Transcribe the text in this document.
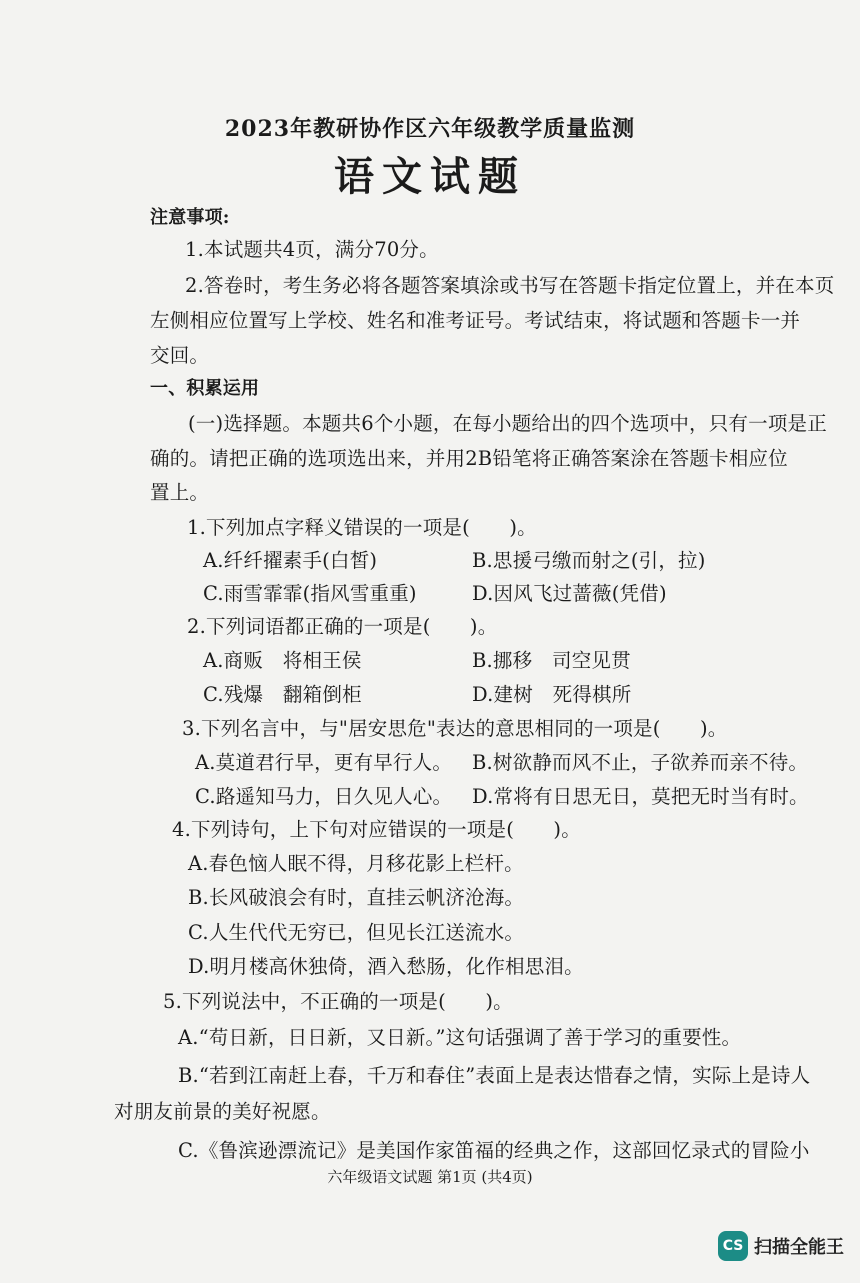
2023年教研协作区六年级教学质量监测
语文试题
注意事项:
1.本试题共4页，满分70分。
2.答卷时，考生务必将各题答案填涂或书写在答题卡指定位置上，并在本页
左侧相应位置写上学校、姓名和准考证号。考试结束，将试题和答题卡一并
交回。
一、积累运用
(一)选择题。本题共6个小题，在每小题给出的四个选项中，只有一项是正
确的。请把正确的选项选出来，并用2B铅笔将正确答案涂在答题卡相应位
置上。
1.下列加点字释义错误的一项是(　　)。
A.纤纤擢素手(白皙)	B.思援弓缴而射之(引，拉)
C.雨雪霏霏(指风雪重重)	D.因风飞过蔷薇(凭借)
2.下列词语都正确的一项是(　　)。
A.商贩　将相王侯	B.挪移　司空见贯
C.残爆　翻箱倒柜	D.建树　死得棋所
3.下列名言中，与"居安思危"表达的意思相同的一项是(　　)。
A.莫道君行早，更有早行人。 B.树欲静而风不止，子欲养而亲不待。
C.路遥知马力，日久见人心。 D.常将有日思无日，莫把无时当有时。
4.下列诗句，上下句对应错误的一项是(　　)。
A.春色恼人眠不得，月移花影上栏杆。
B.长风破浪会有时，直挂云帆济沧海。
C.人生代代无穷已，但见长江送流水。
D.明月楼高休独倚，酒入愁肠，化作相思泪。
5.下列说法中，不正确的一项是(　　)。
A.“苟日新，日日新，又日新。”这句话强调了善于学习的重要性。
B.“若到江南赶上春，千万和春住”表面上是表达惜春之情，实际上是诗人
对朋友前景的美好祝愿。
C.《鲁滨逊漂流记》是美国作家笛福的经典之作，这部回忆录式的冒险小
六年级语文试题 第1页 (共4页)
CS 扫描全能王
